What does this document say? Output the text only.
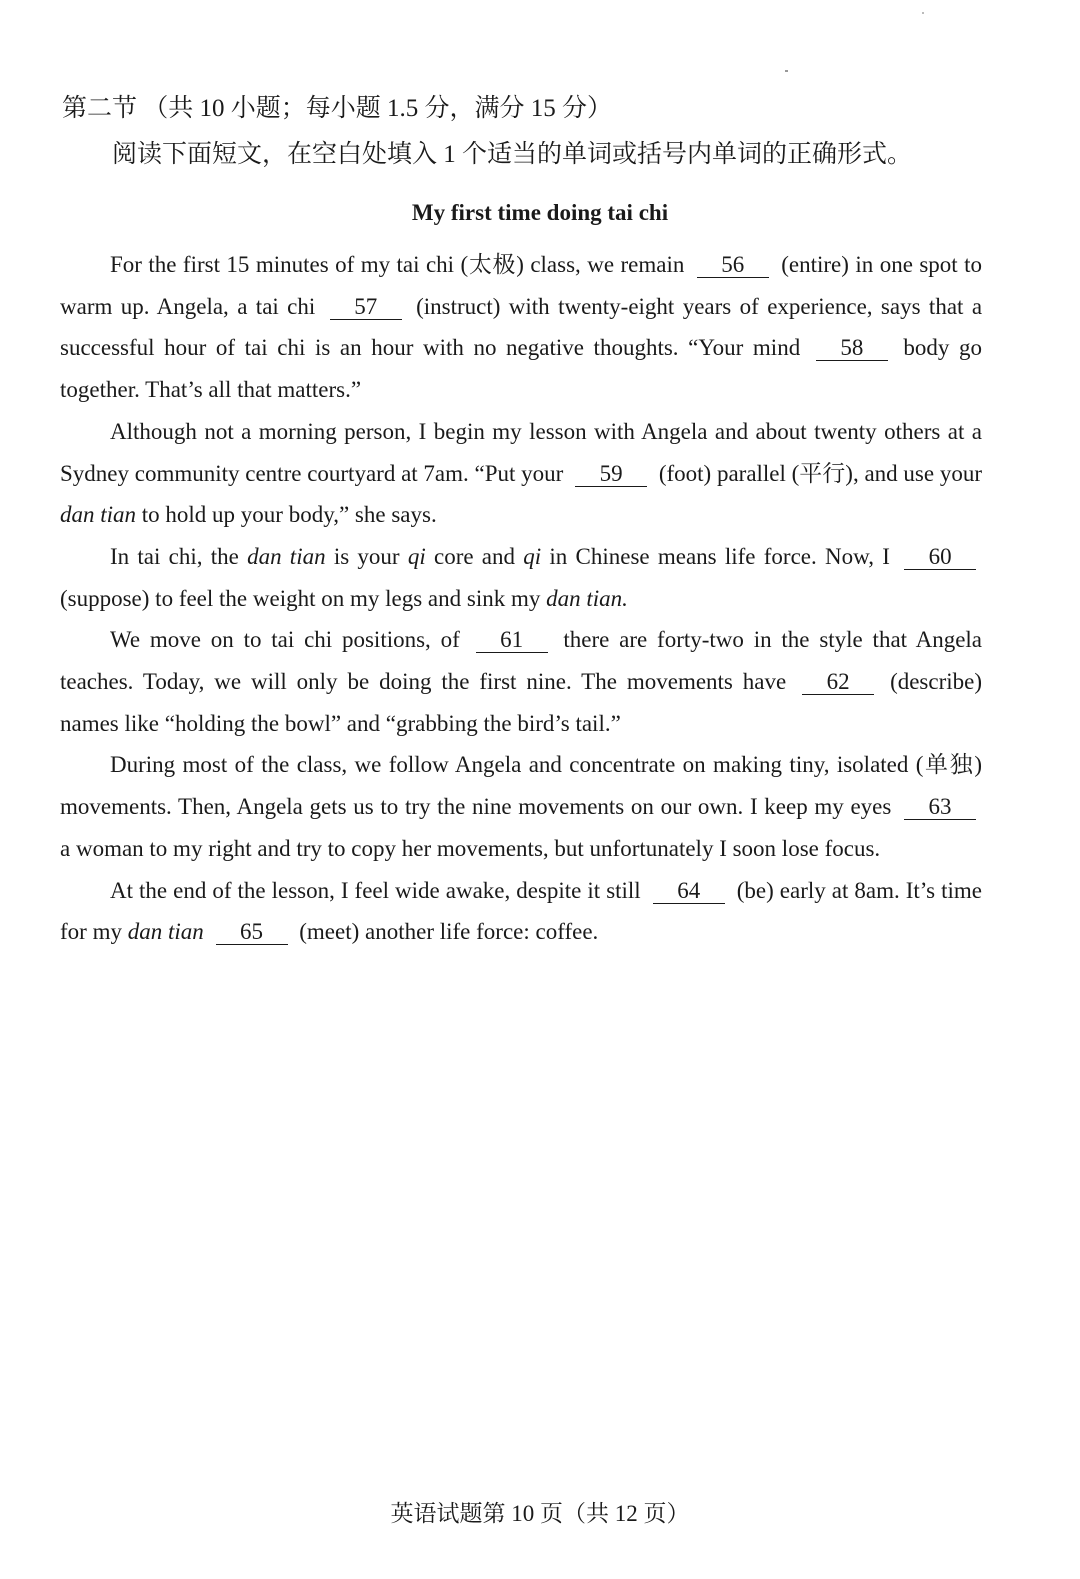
第二节 （共 10 小题；每小题 1.5 分，满分 15 分）
阅读下面短文，在空白处填入 1 个适当的单词或括号内单词的正确形式。
My first time doing tai chi

For the first 15 minutes of my tai chi (太极) class, we remain 56 (entire) in one spot to warm up. Angela, a tai chi 57 (instruct) with twenty-eight years of experience, says that a successful hour of tai chi is an hour with no negative thoughts. “Your mind 58 body go together. That’s all that matters.”

Although not a morning person, I begin my lesson with Angela and about twenty others at a Sydney community centre courtyard at 7am. “Put your 59 (foot) parallel (平行), and use your dan tian to hold up your body,” she says.

In tai chi, the dan tian is your qi core and qi in Chinese means life force. Now, I 60 (suppose) to feel the weight on my legs and sink my dan tian.

We move on to tai chi positions, of 61 there are forty-two in the style that Angela teaches. Today, we will only be doing the first nine. The movements have 62 (describe) names like “holding the bowl” and “grabbing the bird’s tail.”

During most of the class, we follow Angela and concentrate on making tiny, isolated (单独) movements. Then, Angela gets us to try the nine movements on our own. I keep my eyes 63 a woman to my right and try to copy her movements, but unfortunately I soon lose focus.

At the end of the lesson, I feel wide awake, despite it still 64 (be) early at 8am. It’s time for my dan tian 65 (meet) another life force: coffee.

英语试题第 10 页（共 12 页）
